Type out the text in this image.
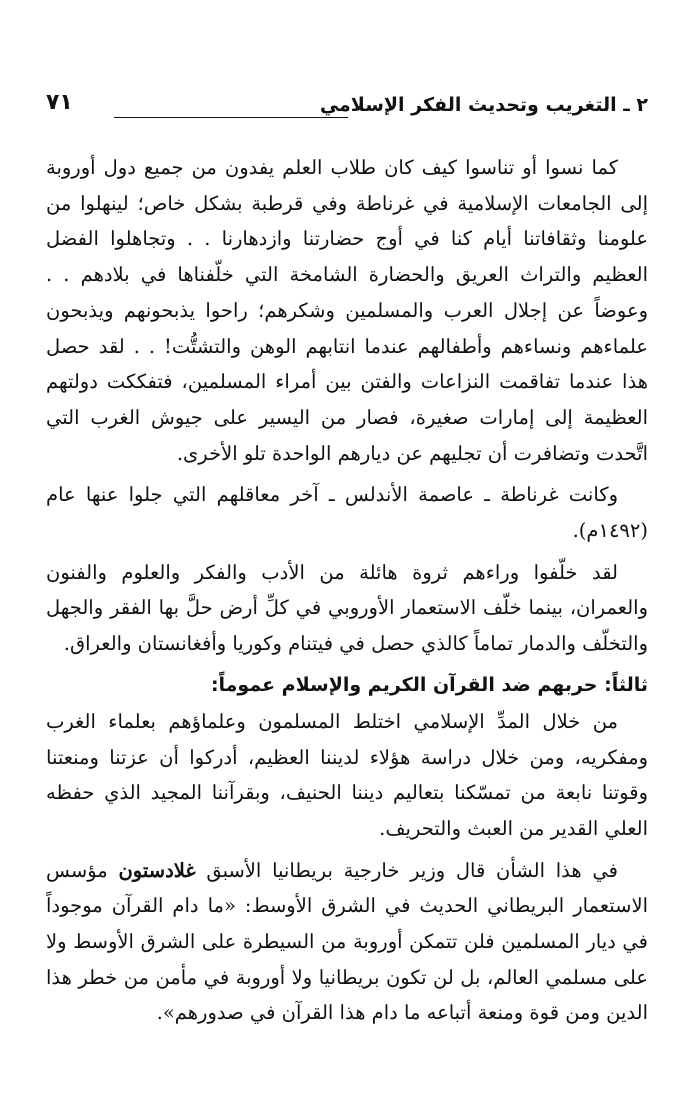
٢ ـ التغريب وتحديث الفكر الإسلامي
٧١

كما نسوا أو تناسوا كيف كان طلاب العلم يفدون من جميع دول أوروبة إلى الجامعات الإسلامية في غرناطة وفي قرطبة بشكل خاص؛ لينهلوا من علومنا وثقافاتنا أيام كنا في أوج حضارتنا وازدهارنا . . وتجاهلوا الفضل العظيم والتراث العريق والحضارة الشامخة التي خلّفناها في بلادهم . . وعوضاً عن إجلال العرب والمسلمين وشكرهم؛ راحوا يذبحونهم ويذبحون علماءهم ونساءهم وأطفالهم عندما انتابهم الوهن والتشتُّت! . . لقد حصل هذا عندما تفاقمت النزاعات والفتن بين أمراء المسلمين، فتفككت دولتهم العظيمة إلى إمارات صغيرة، فصار من اليسير على جيوش الغرب التي اتَّحدت وتضافرت أن تجليهم عن ديارهم الواحدة تلو الأخرى.

وكانت غرناطة ـ عاصمة الأندلس ـ آخر معاقلهم التي جلوا عنها عام (١٤٩٢م).

لقد خلّفوا وراءهم ثروة هائلة من الأدب والفكر والعلوم والفنون والعمران، بينما خلّف الاستعمار الأوروبي في كلِّ أرض حلَّ بها الفقر والجهل والتخلّف والدمار تماماً كالذي حصل في فيتنام وكوريا وأفغانستان والعراق.

ثالثاً: حربهم ضد القرآن الكريم والإسلام عموماً:

من خلال المدِّ الإسلامي اختلط المسلمون وعلماؤهم بعلماء الغرب ومفكريه، ومن خلال دراسة هؤلاء لديننا العظيم، أدركوا أن عزتنا ومنعتنا وقوتنا نابعة من تمسّكنا بتعاليم ديننا الحنيف، وبقرآننا المجيد الذي حفظه العلي القدير من العبث والتحريف.

في هذا الشأن قال وزير خارجية بريطانيا الأسبق غلادستون مؤسس الاستعمار البريطاني الحديث في الشرق الأوسط: «ما دام القرآن موجوداً في ديار المسلمين فلن تتمكن أوروبة من السيطرة على الشرق الأوسط ولا على مسلمي العالم، بل لن تكون بريطانيا ولا أوروبة في مأمن من خطر هذا الدين ومن قوة ومنعة أتباعه ما دام هذا القرآن في صدورهم».
